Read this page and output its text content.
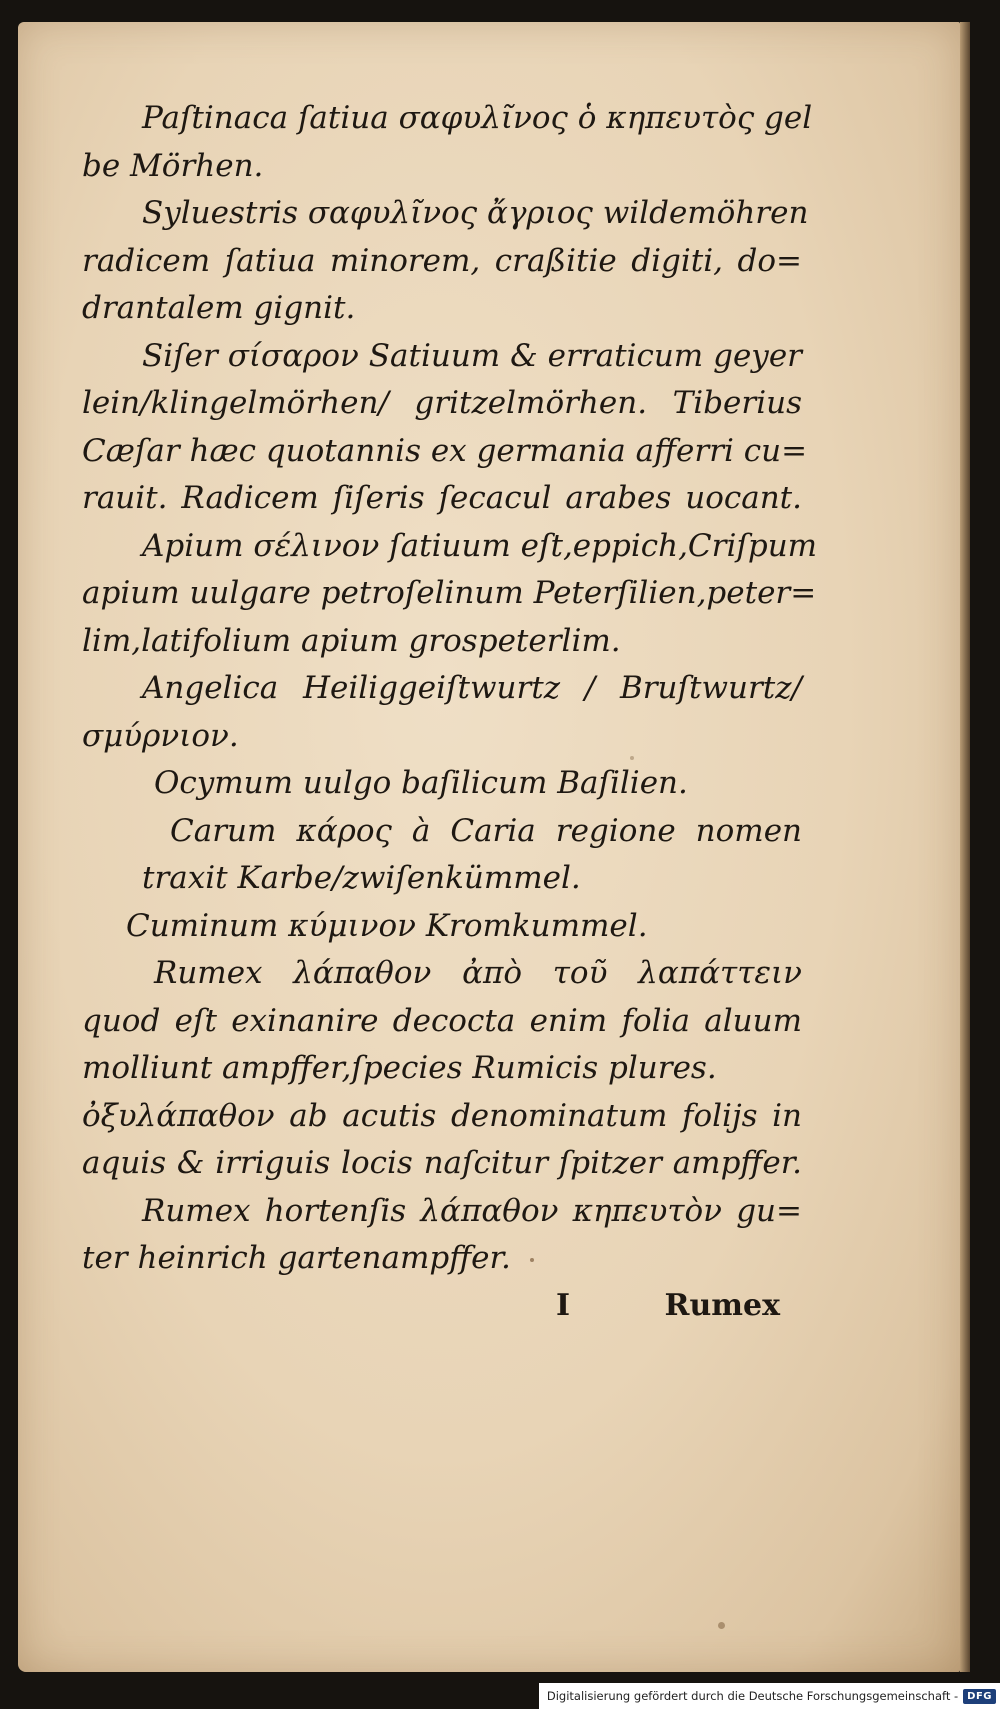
Paſtinaca ſatiua σαφυλῖνος ὁ κηπευτὸς gel
be Mörhen.
Syluestris σαφυλῖνος ἄγριος wildemöhren
radicem ſatiua minorem, craßitie digiti, do=
drantalem gignit.
Siſer σίσαρον Satiuum & erraticum geyer
lein/klingelmörhen/ gritzelmörhen. Tiberius
Cæſar hæc quotannis ex germania afferri cu=
rauit. Radicem ſiſeris ſecacul arabes uocant.
Apium σέλινον ſatiuum eſt,eppich,Criſpum
apium uulgare petroſelinum Peterſilien,peter=
lim,latifolium apium grospeterlim.
Angelica Heiliggeiſtwurtz / Bruſtwurtz/
σμύρνιον.
Ocymum uulgo baſilicum Baſilien.
Carum κάρος à Caria regione nomen
traxit Karbe/zwiſenkümmel.
Cuminum κύμινον Kromkummel.
Rumex λάπαθον ἀπὸ τοῦ λαπάττειν
quod eſt exinanire decocta enim folia aluum
molliunt ampffer,ſpecies Rumicis plures.
ὀξυλάπαθον ab acutis denominatum folijs in
aquis & irriguis locis naſcitur ſpitzer ampffer.
Rumex hortenſis λάπαθον κηπευτὸν gu=
ter heinrich gartenampffer.
I	Rumex
Digitalisierung gefördert durch die Deutsche Forschungsgemeinschaft - DFG
